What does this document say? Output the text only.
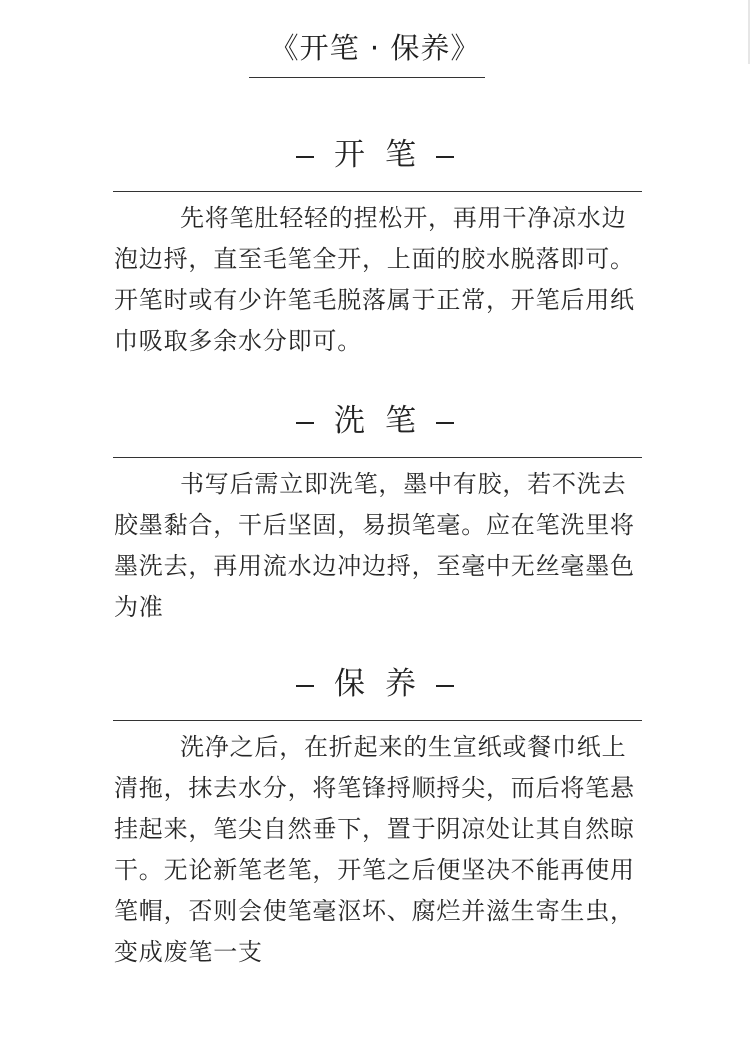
《开笔 · 保养》
开笔

先将笔肚轻轻的捏松开，再用干净凉水边泡边捋，直至毛笔全开，上面的胶水脱落即可。开笔时或有少许笔毛脱落属于正常，开笔后用纸巾吸取多余水分即可。

洗笔

书写后需立即洗笔，墨中有胶，若不洗去胶墨黏合，干后坚固，易损笔毫。应在笔洗里将墨洗去，再用流水边冲边捋，至毫中无丝毫墨色为准

保养

洗净之后，在折起来的生宣纸或餐巾纸上清拖，抹去水分，将笔锋捋顺捋尖，而后将笔悬挂起来，笔尖自然垂下，置于阴凉处让其自然晾干。无论新笔老笔，开笔之后便坚决不能再使用笔帽，否则会使笔毫沤坏、腐烂并滋生寄生虫，变成废笔一支
